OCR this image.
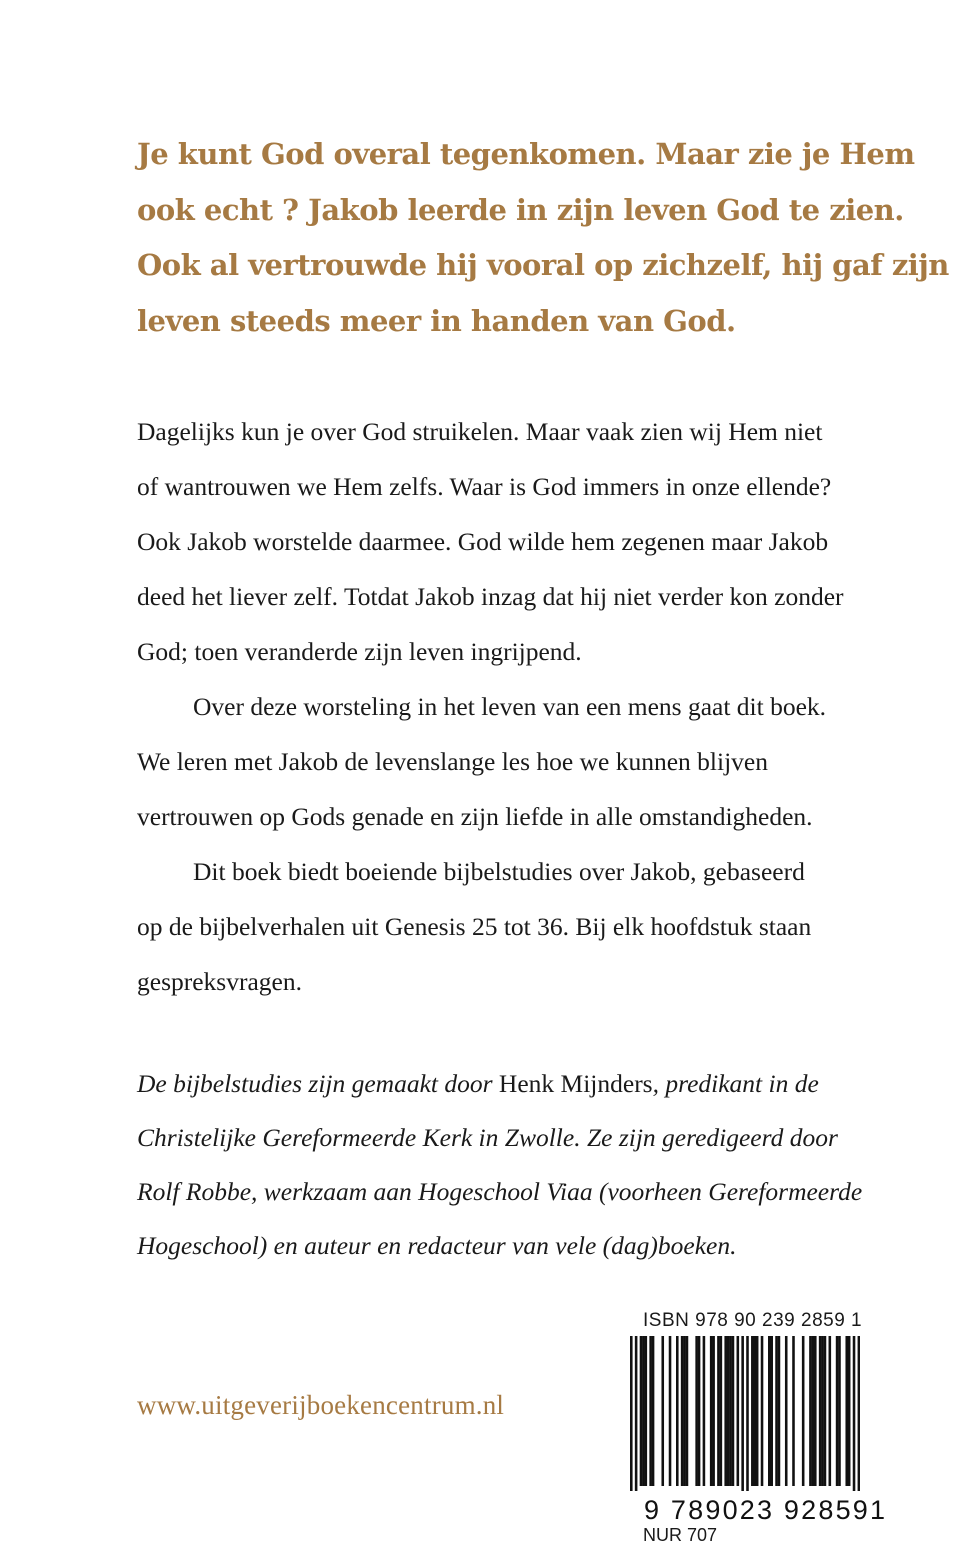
Je kunt God overal tegenkomen. Maar zie je Hem
ook echt ? Jakob leerde in zijn leven God te zien.
Ook al vertrouwde hij vooral op zichzelf, hij gaf zijn
leven steeds meer in handen van God.
Dagelijks kun je over God struikelen. Maar vaak zien wij Hem niet
of wantrouwen we Hem zelfs. Waar is God immers in onze ellende?
Ook Jakob worstelde daarmee. God wilde hem zegenen maar Jakob
deed het liever zelf. Totdat Jakob inzag dat hij niet verder kon zonder
God; toen veranderde zijn leven ingrijpend.
Over deze worsteling in het leven van een mens gaat dit boek.
We leren met Jakob de levenslange les hoe we kunnen blijven
vertrouwen op Gods genade en zijn liefde in alle omstandigheden.
Dit boek biedt boeiende bijbelstudies over Jakob, gebaseerd
op de bijbelverhalen uit Genesis 25 tot 36. Bij elk hoofdstuk staan
gespreksvragen.
De bijbelstudies zijn gemaakt door Henk Mijnders, predikant in de
Christelijke Gereformeerde Kerk in Zwolle. Ze zijn geredigeerd door
Rolf Robbe, werkzaam aan Hogeschool Viaa (voorheen Gereformeerde
Hogeschool) en auteur en redacteur van vele (dag)boeken.
www.uitgeverijboekencentrum.nl
ISBN 978 90 239 2859 1
9 789023 928591
NUR 707
